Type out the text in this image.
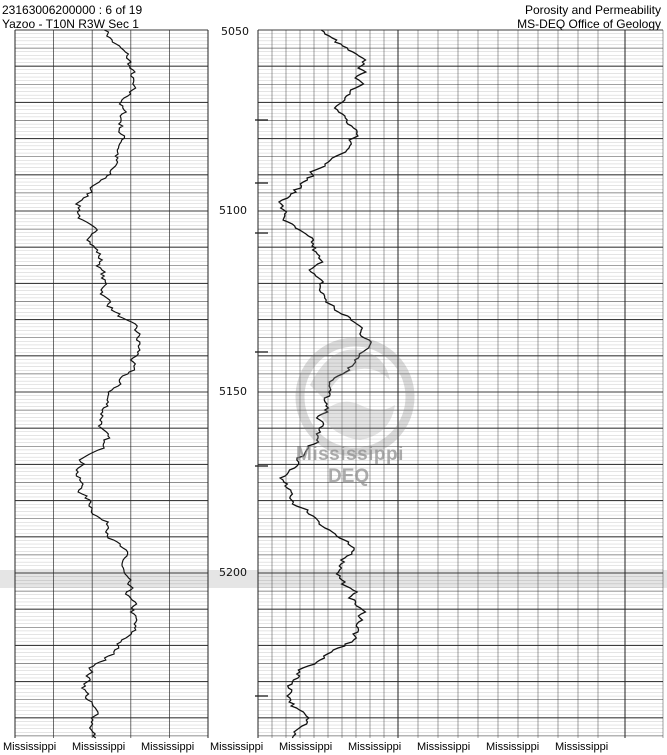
23163006200000 : 6 of 19
Yazoo - T10N R3W Sec 1
Porosity and Permeability
MS-DEQ Office of Geology
5050
5100
5150
5200
Mississippi
DEQ
Mississippi Mississippi Mississippi Mississippi Mississippi Mississippi Mississippi Mississippi Mississippi
